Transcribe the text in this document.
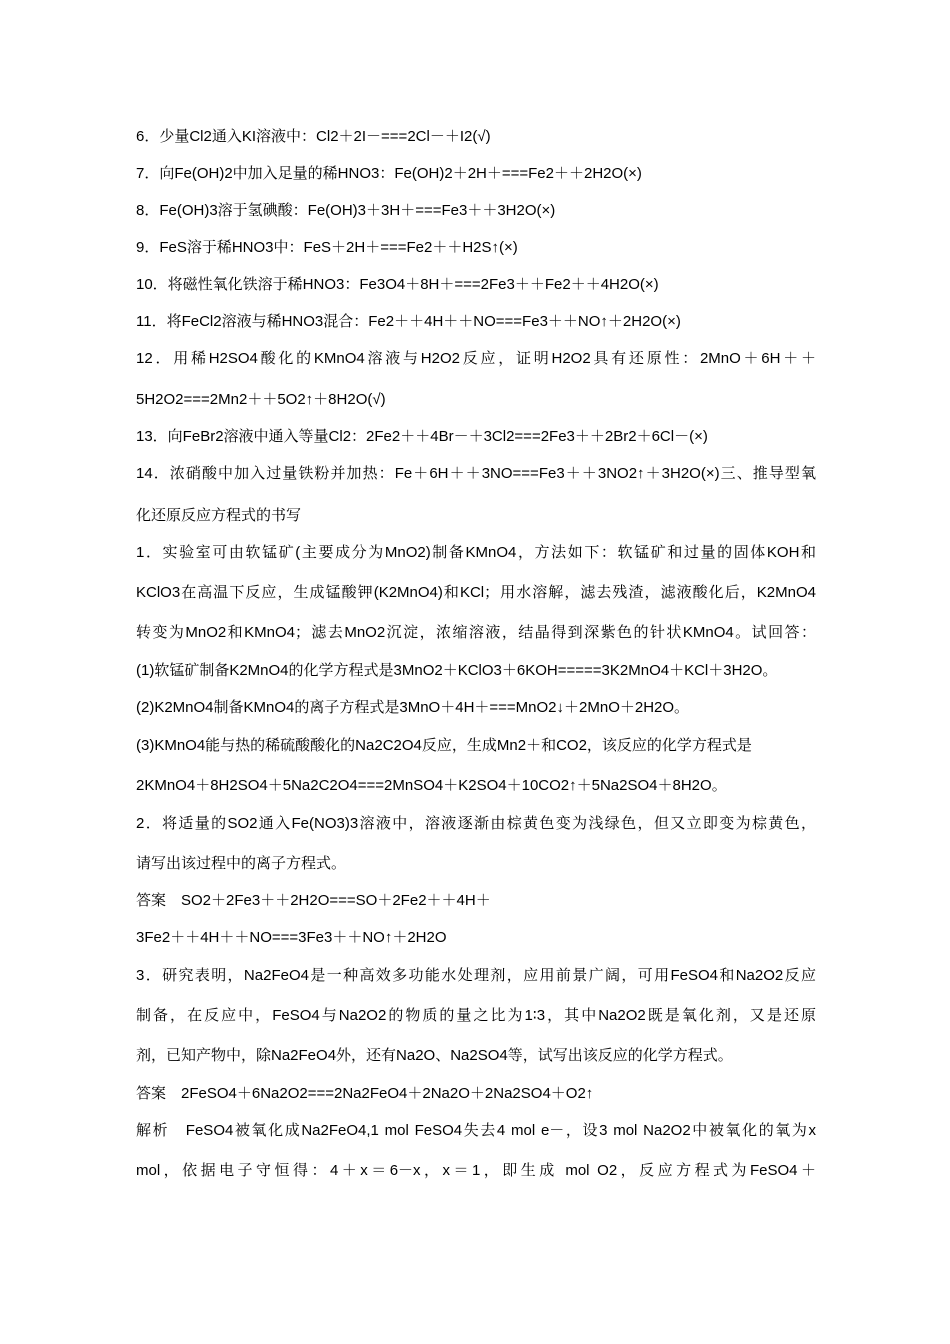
6．少量Cl2通入KI溶液中：Cl2＋2I－===2Cl－＋I2(√)
7．向Fe(OH)2中加入足量的稀HNO3：Fe(OH)2＋2H＋===Fe2＋＋2H2O(×)
8．Fe(OH)3溶于氢碘酸：Fe(OH)3＋3H＋===Fe3＋＋3H2O(×)
9．FeS溶于稀HNO3中：FeS＋2H＋===Fe2＋＋H2S↑(×)
10．将磁性氧化铁溶于稀HNO3：Fe3O4＋8H＋===2Fe3＋＋Fe2＋＋4H2O(×)
11．将FeCl2溶液与稀HNO3混合：Fe2＋＋4H＋＋NO===Fe3＋＋NO↑＋2H2O(×)
12．用稀H2SO4酸化的KMnO4溶液与H2O2反应，证明H2O2具有还原性：2MnO＋6H＋＋
5H2O2===2Mn2＋＋5O2↑＋8H2O(√)
13．向FeBr2溶液中通入等量Cl2：2Fe2＋＋4Br－＋3Cl2===2Fe3＋＋2Br2＋6Cl－(×)
14．浓硝酸中加入过量铁粉并加热：Fe＋6H＋＋3NO===Fe3＋＋3NO2↑＋3H2O(×)三、推导型氧
化还原反应方程式的书写
1．实验室可由软锰矿(主要成分为MnO2)制备KMnO4，方法如下：软锰矿和过量的固体KOH和
KClO3在高温下反应，生成锰酸钾(K2MnO4)和KCl；用水溶解，滤去残渣，滤液酸化后，K2MnO4
转变为MnO2和KMnO4；滤去MnO2沉淀，浓缩溶液，结晶得到深紫色的针状KMnO4。试回答：
(1)软锰矿制备K2MnO4的化学方程式是3MnO2＋KClO3＋6KOH=====3K2MnO4＋KCl＋3H2O。
(2)K2MnO4制备KMnO4的离子方程式是3MnO＋4H＋===MnO2↓＋2MnO＋2H2O。
(3)KMnO4能与热的稀硫酸酸化的Na2C2O4反应，生成Mn2＋和CO2，该反应的化学方程式是
2KMnO4＋8H2SO4＋5Na2C2O4===2MnSO4＋K2SO4＋10CO2↑＋5Na2SO4＋8H2O。
2．将适量的SO2通入Fe(NO3)3溶液中，溶液逐渐由棕黄色变为浅绿色，但又立即变为棕黄色，
请写出该过程中的离子方程式。
答案　SO2＋2Fe3＋＋2H2O===SO＋2Fe2＋＋4H＋
3Fe2＋＋4H＋＋NO===3Fe3＋＋NO↑＋2H2O
3．研究表明，Na2FeO4是一种高效多功能水处理剂，应用前景广阔，可用FeSO4和Na2O2反应
制备，在反应中，FeSO4与Na2O2的物质的量之比为1∶3，其中Na2O2既是氧化剂，又是还原
剂，已知产物中，除Na2FeO4外，还有Na2O、Na2SO4等，试写出该反应的化学方程式。
答案　2FeSO4＋6Na2O2===2Na2FeO4＋2Na2O＋2Na2SO4＋O2↑
解析　FeSO4被氧化成Na2FeO4,1 mol FeSO4失去4 mol e－，设3 mol Na2O2中被氧化的氧为x
mol，依据电子守恒得：4＋x＝6－x，x＝1，即生成 mol O2，反应方程式为FeSO4＋
